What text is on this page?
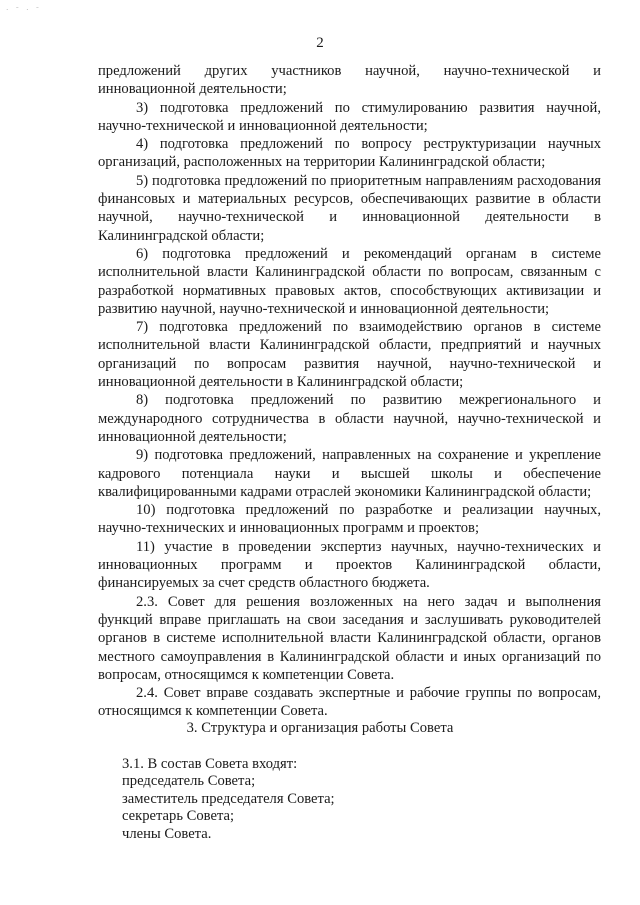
· ˉ · ˉ
2

предложений других участников научной, научно-технической и инновационной деятельности;

3) подготовка предложений по стимулированию развития научной, научно-технической и инновационной деятельности;

4) подготовка предложений по вопросу реструктуризации научных организаций, расположенных на территории Калининградской области;

5) подготовка предложений по приоритетным направлениям расходования финансовых и материальных ресурсов, обеспечивающих развитие в области научной, научно-технической и инновационной деятельности в Калининградской области;

6) подготовка предложений и рекомендаций органам в системе исполнительной власти Калининградской области по вопросам, связанным с разработкой нормативных правовых актов, способствующих активизации и развитию научной, научно-технической и инновационной деятельности;

7) подготовка предложений по взаимодействию органов в системе исполнительной власти Калининградской области, предприятий и научных организаций по вопросам развития научной, научно-технической и инновационной деятельности в Калининградской области;

8) подготовка предложений по развитию межрегионального и международного сотрудничества в области научной, научно-технической и инновационной деятельности;

9) подготовка предложений, направленных на сохранение и укрепление кадрового потенциала науки и высшей школы и обеспечение квалифицированными кадрами отраслей экономики Калининградской области;

10) подготовка предложений по разработке и реализации научных, научно-технических и инновационных программ и проектов;

11) участие в проведении экспертиз научных, научно-технических и инновационных программ и проектов Калининградской области, финансируемых за счет средств областного бюджета.

2.3. Совет для решения возложенных на него задач и выполнения функций вправе приглашать на свои заседания и заслушивать руководителей органов в системе исполнительной власти Калининградской области, органов местного самоуправления в Калининградской области и иных организаций по вопросам, относящимся к компетенции Совета.

2.4. Совет вправе создавать экспертные и рабочие группы по вопросам, относящимся к компетенции Совета.

3. Структура и организация работы Совета
3.1. В состав Совета входят:
председатель Совета;
заместитель председателя Совета;
секретарь Совета;
члены Совета.
